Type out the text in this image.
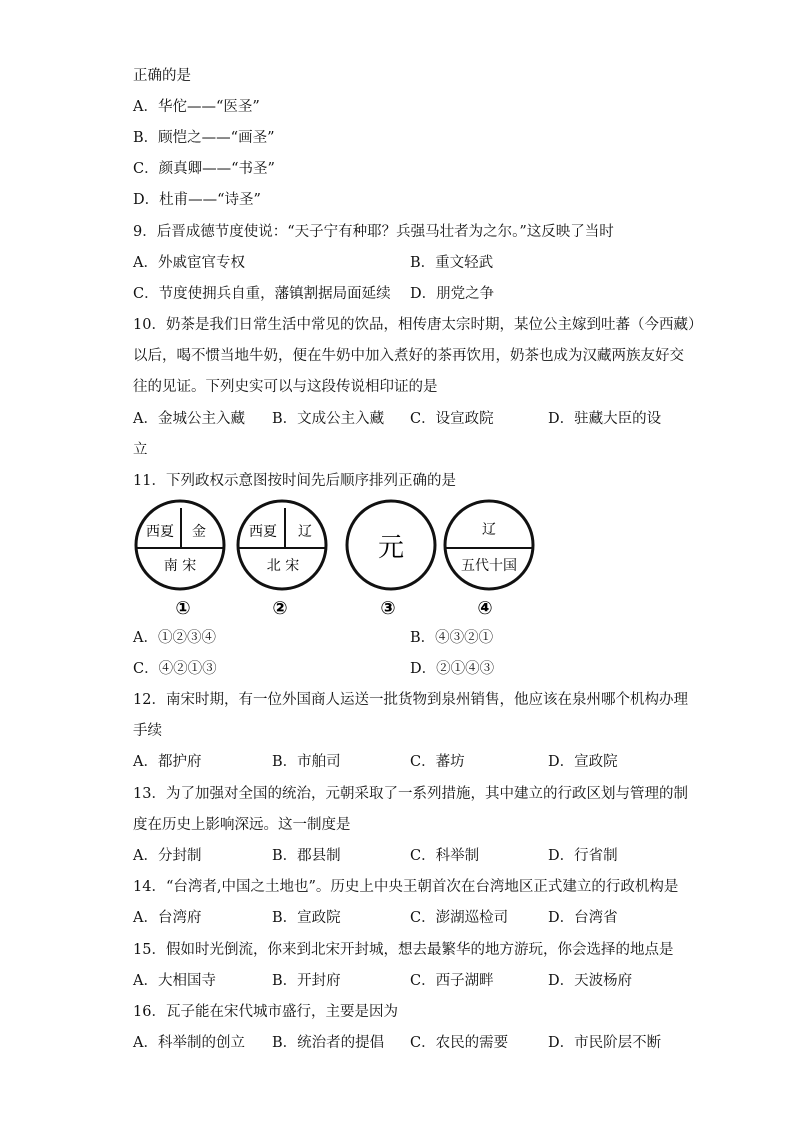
正确的是
A．华佗——“医圣”
B．顾恺之——“画圣”
C．颜真卿——“书圣”
D．杜甫——“诗圣”
9．后晋成德节度使说：“天子宁有种耶？兵强马壮者为之尔。”这反映了当时
A．外戚宦官专权	B．重文轻武
C．节度使拥兵自重，藩镇割据局面延续 D．朋党之争
10．奶茶是我们日常生活中常见的饮品，相传唐太宗时期，某位公主嫁到吐蕃（今西藏）
以后，喝不惯当地牛奶，便在牛奶中加入煮好的茶再饮用，奶茶也成为汉藏两族友好交
往的见证。下列史实可以与这段传说相印证的是
A．金城公主入藏 B．文成公主入藏 C．设宣政院	D．驻藏大臣的设
立
11．下列政权示意图按时间先后顺序排列正确的是
西夏 金
南 宋
①
西夏 辽
北 宋
②
元
③
辽
五代十国
④
A．①②③④	B．④③②①
C．④②①③	D．②①④③
12．南宋时期，有一位外国商人运送一批货物到泉州销售，他应该在泉州哪个机构办理
手续
A．都护府	B．市舶司	C．蕃坊	D．宣政院
13．为了加强对全国的统治，元朝采取了一系列措施，其中建立的行政区划与管理的制
度在历史上影响深远。这一制度是
A．分封制	B．郡县制	C．科举制	D．行省制
14．“台湾者,中国之土地也”。历史上中央王朝首次在台湾地区正式建立的行政机构是
A．台湾府	B．宣政院	C．澎湖巡检司	D．台湾省
15．假如时光倒流，你来到北宋开封城，想去最繁华的地方游玩，你会选择的地点是
A．大相国寺	B．开封府	C．西子湖畔	D．天波杨府
16．瓦子能在宋代城市盛行，主要是因为
A．科举制的创立 B．统治者的提倡 C．农民的需要	D．市民阶层不断
